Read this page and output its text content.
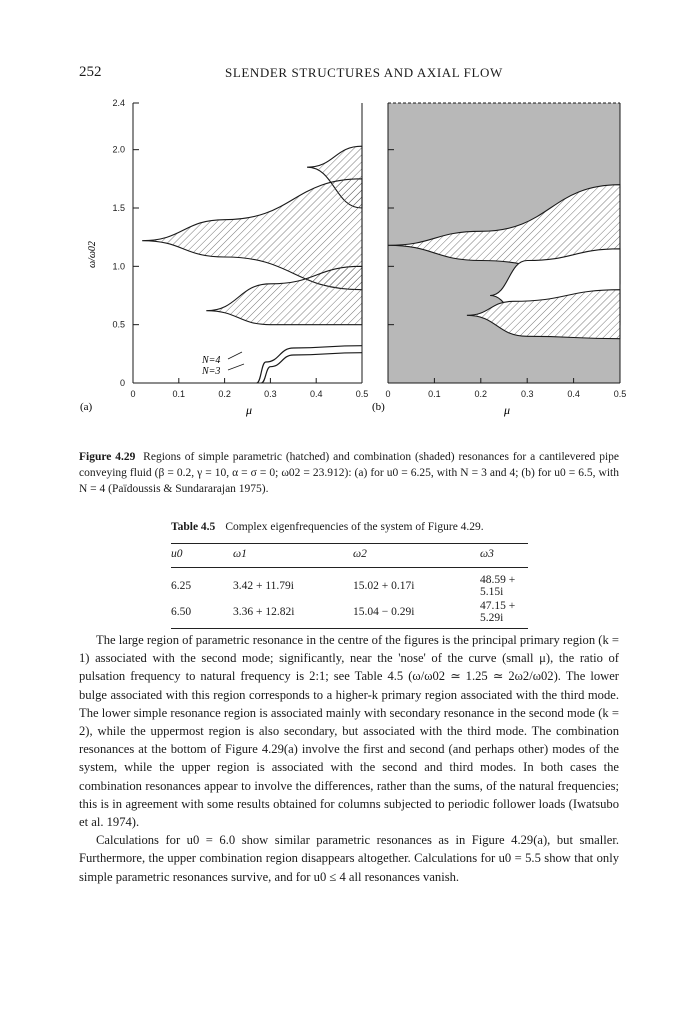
252	SLENDER STRUCTURES AND AXIAL FLOW
0	0.1	0.2	0.3	0.4	0.5
0
0.5
1.0
1.5
2.0
2.4
0	0.1	0.2	0.3	0.4	0.5
(a)	(b)
μ	μ
ω/ω02
N=4
N=3
Figure 4.29 Regions of simple parametric (hatched) and combination (shaded) resonances for a cantilevered pipe conveying fluid (β = 0.2, γ = 10, α = σ = 0; ω02 = 23.912): (a) for u0 = 6.25, with N = 3 and 4; (b) for u0 = 6.5, with N = 4 (Païdoussis & Sundararajan 1975).
Table 4.5 Complex eigenfrequencies of the system of Figure 4.29.
u0	ω1	ω2	ω3
6.25	3.42 + 11.79i	15.02 + 0.17i	48.59 + 5.15i
6.50	3.36 + 12.82i	15.04 − 0.29i	47.15 + 5.29i

The large region of parametric resonance in the centre of the figures is the principal primary region (k = 1) associated with the second mode; significantly, near the 'nose' of the curve (small μ), the ratio of pulsation frequency to natural frequency is 2:1; see Table 4.5 (ω/ω02 ≃ 1.25 ≃ 2ω2/ω02). The lower bulge associated with this region corresponds to a higher-k primary region associated with the third mode. The lower simple resonance region is associated mainly with secondary resonance in the second mode (k = 2), while the uppermost region is also secondary, but associated with the third mode. The combination resonances at the bottom of Figure 4.29(a) involve the first and second (and perhaps other) modes of the system, while the upper region is associated with the second and third modes. In both cases the combination resonances appear to involve the differences, rather than the sums, of the natural frequencies; this is in agreement with some results obtained for columns subjected to periodic follower loads (Iwatsubo et al. 1974).

Calculations for u0 = 6.0 show similar parametric resonances as in Figure 4.29(a), but smaller. Furthermore, the upper combination region disappears altogether. Calculations for u0 = 5.5 show that only simple parametric resonances survive, and for u0 ≤ 4 all resonances vanish.
